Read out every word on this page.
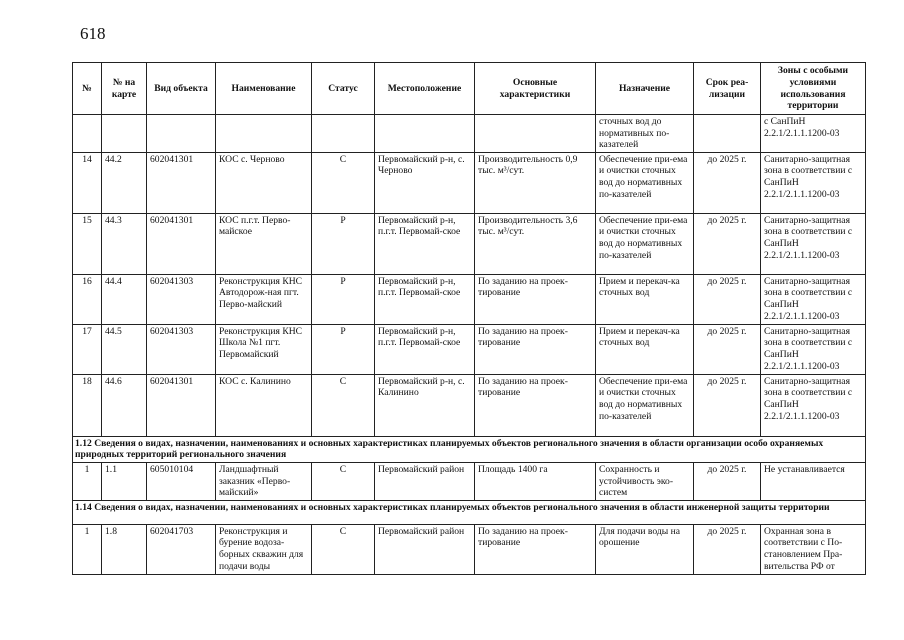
618
№	№ на карте	Вид объекта	Наименование	Статус	Местоположение	Основные характеристики	Назначение	Срок реа-лизации	Зоны с особыми условиями использования территории
							сточных вод до нормативных по-казателей		с СанПиН 2.2.1/2.1.1.1200-03
14	44.2	602041301	КОС с. Черново	С	Первомайский р-н, с. Черново	Производительность 0,9 тыс. м³/сут.	Обеспечение при-ема и очистки сточных вод до нормативных по-казателей	до 2025 г.	Санитарно-защитная зона в соответствии с СанПиН 2.2.1/2.1.1.1200-03
15	44.3	602041301	КОС п.г.т. Перво-майское	Р	Первомайский р-н, п.г.т. Первомай-ское	Производительность 3,6 тыс. м³/сут.	Обеспечение при-ема и очистки сточных вод до нормативных по-казателей	до 2025 г.	Санитарно-защитная зона в соответствии с СанПиН 2.2.1/2.1.1.1200-03
16	44.4	602041303	Реконструкция КНС Автодорож-ная пгт. Перво-майский	Р	Первомайский р-н, п.г.т. Первомай-ское	По заданию на проек-тирование	Прием и перекач-ка сточных вод	до 2025 г.	Санитарно-защитная зона в соответствии с СанПиН 2.2.1/2.1.1.1200-03
17	44.5	602041303	Реконструкция КНС Школа №1 пгт. Первомайский	Р	Первомайский р-н, п.г.т. Первомай-ское	По заданию на проек-тирование	Прием и перекач-ка сточных вод	до 2025 г.	Санитарно-защитная зона в соответствии с СанПиН 2.2.1/2.1.1.1200-03
18	44.6	602041301	КОС с. Калинино	С	Первомайский р-н, с. Калинино	По заданию на проек-тирование	Обеспечение при-ема и очистки сточных вод до нормативных по-казателей	до 2025 г.	Санитарно-защитная зона в соответствии с СанПиН 2.2.1/2.1.1.1200-03
1.12 Сведения о видах, назначении, наименованиях и основных характеристиках планируемых объектов регионального значения в области организации особо охраняемых природных территорий регионального значения									
1	1.1	605010104	Ландшафтный заказник «Перво-майский»	С	Первомайский район	Площадь 1400 га	Сохранность и устойчивость эко-систем	до 2025 г.	Не устанавливается
1.14 Сведения о видах, назначении, наименованиях и основных характеристиках планируемых объектов регионального значения в области инженерной защиты территории									
1	1.8	602041703	Реконструкция и бурение водоза-борных скважин для подачи воды	С	Первомайский район	По заданию на проек-тирование	Для подачи воды на орошение	до 2025 г.	Охранная зона в соответствии с По-становлением Пра-вительства РФ от
